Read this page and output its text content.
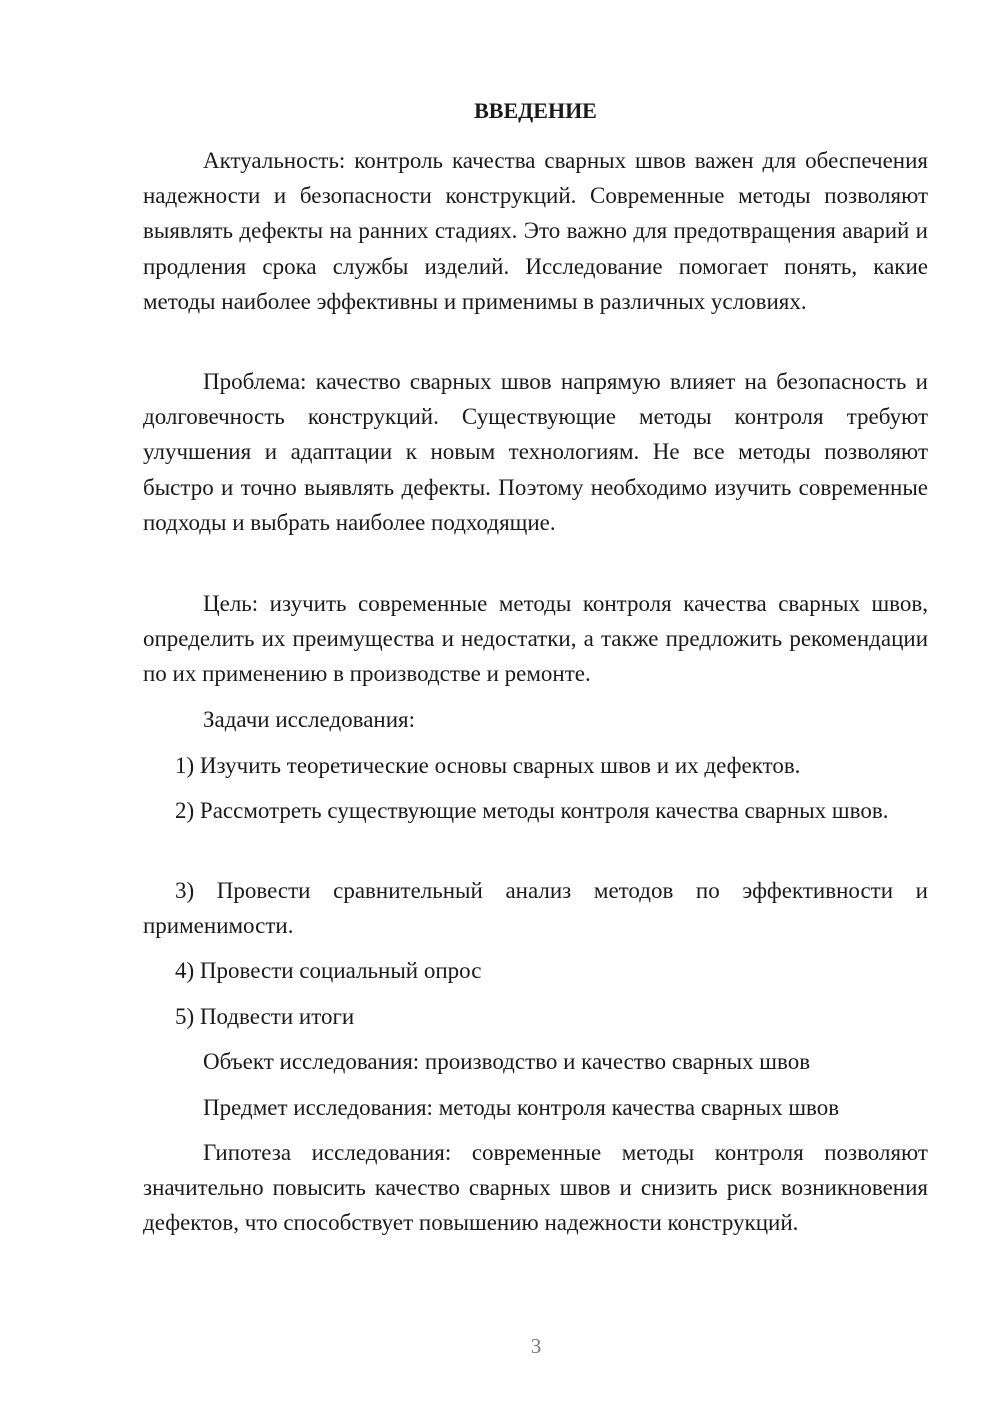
ВВЕДЕНИЕ

Актуальность: контроль качества сварных швов важен для обеспечения надежности и безопасности конструкций. Современные методы позволяют выявлять дефекты на ранних стадиях. Это важно для предотвращения аварий и продления срока службы изделий. Исследование помогает понять, какие методы наиболее эффективны и применимы в различных условиях.

Проблема: качество сварных швов напрямую влияет на безопасность и долговечность конструкций. Существующие методы контроля требуют улучшения и адаптации к новым технологиям. Не все методы позволяют быстро и точно выявлять дефекты. Поэтому необходимо изучить современные подходы и выбрать наиболее подходящие.

Цель: изучить современные методы контроля качества сварных швов, определить их преимущества и недостатки, а также предложить рекомендации по их применению в производстве и ремонте.

Задачи исследования:

1) Изучить теоретические основы сварных швов и их дефектов.

2) Рассмотреть существующие методы контроля качества сварных швов.

3) Провести сравнительный анализ методов по эффективности и применимости.

4) Провести социальный опрос

5) Подвести итоги

Объект исследования: производство и качество сварных швов

Предмет исследования: методы контроля качества сварных швов

Гипотеза исследования: современные методы контроля позволяют значительно повысить качество сварных швов и снизить риск возникновения дефектов, что способствует повышению надежности конструкций.

3
